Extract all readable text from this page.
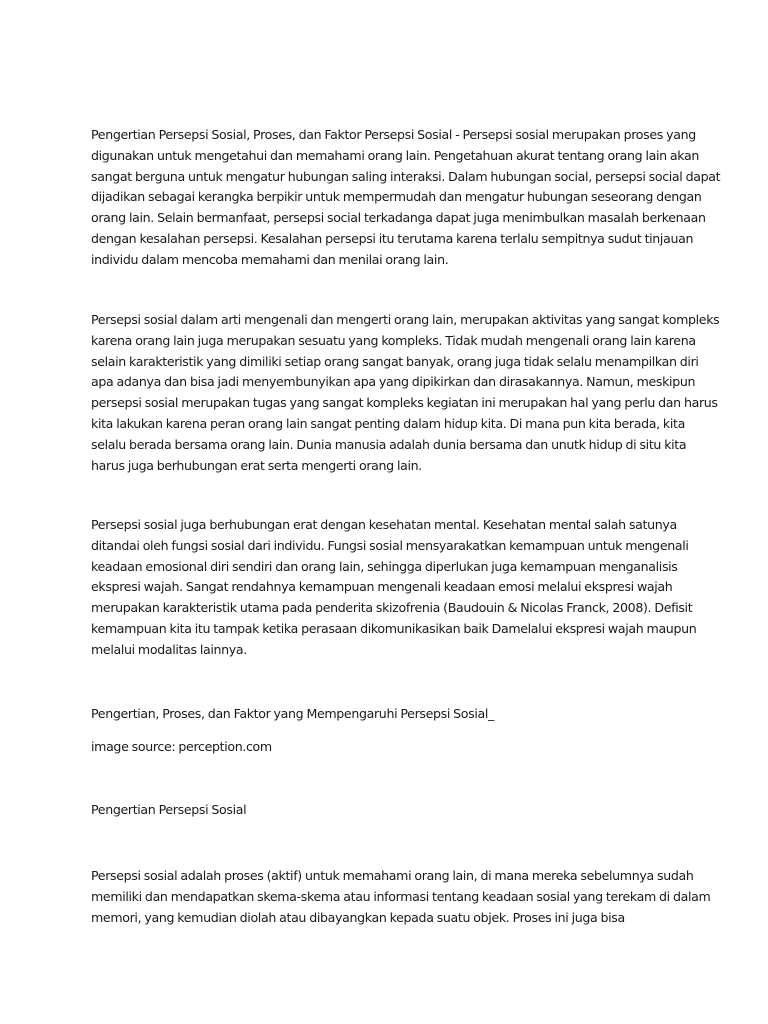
Pengertian Persepsi Sosial, Proses, dan Faktor Persepsi Sosial - Persepsi sosial merupakan proses yang
digunakan untuk mengetahui dan memahami orang lain. Pengetahuan akurat tentang orang lain akan
sangat berguna untuk mengatur hubungan saling interaksi. Dalam hubungan social, persepsi social dapat
dijadikan sebagai kerangka berpikir untuk mempermudah dan mengatur hubungan seseorang dengan
orang lain. Selain bermanfaat, persepsi social terkadanga dapat juga menimbulkan masalah berkenaan
dengan kesalahan persepsi. Kesalahan persepsi itu terutama karena terlalu sempitnya sudut tinjauan
individu dalam mencoba memahami dan menilai orang lain.

Persepsi sosial dalam arti mengenali dan mengerti orang lain, merupakan aktivitas yang sangat kompleks
karena orang lain juga merupakan sesuatu yang kompleks. Tidak mudah mengenali orang lain karena
selain karakteristik yang dimiliki setiap orang sangat banyak, orang juga tidak selalu menampilkan diri
apa adanya dan bisa jadi menyembunyikan apa yang dipikirkan dan dirasakannya. Namun, meskipun
persepsi sosial merupakan tugas yang sangat kompleks kegiatan ini merupakan hal yang perlu dan harus
kita lakukan karena peran orang lain sangat penting dalam hidup kita. Di mana pun kita berada, kita
selalu berada bersama orang lain. Dunia manusia adalah dunia bersama dan unutk hidup di situ kita
harus juga berhubungan erat serta mengerti orang lain.

Persepsi sosial juga berhubungan erat dengan kesehatan mental. Kesehatan mental salah satunya
ditandai oleh fungsi sosial dari individu. Fungsi sosial mensyarakatkan kemampuan untuk mengenali
keadaan emosional diri sendiri dan orang lain, sehingga diperlukan juga kemampuan menganalisis
ekspresi wajah. Sangat rendahnya kemampuan mengenali keadaan emosi melalui ekspresi wajah
merupakan karakteristik utama pada penderita skizofrenia (Baudouin & Nicolas Franck, 2008). Defisit
kemampuan kita itu tampak ketika perasaan dikomunikasikan baik Damelalui ekspresi wajah maupun
melalui modalitas lainnya.

Pengertian, Proses, dan Faktor yang Mempengaruhi Persepsi Sosial_

image source: perception.com

Pengertian Persepsi Sosial

Persepsi sosial adalah proses (aktif) untuk memahami orang lain, di mana mereka sebelumnya sudah
memiliki dan mendapatkan skema-skema atau informasi tentang keadaan sosial yang terekam di dalam
memori, yang kemudian diolah atau dibayangkan kepada suatu objek. Proses ini juga bisa
